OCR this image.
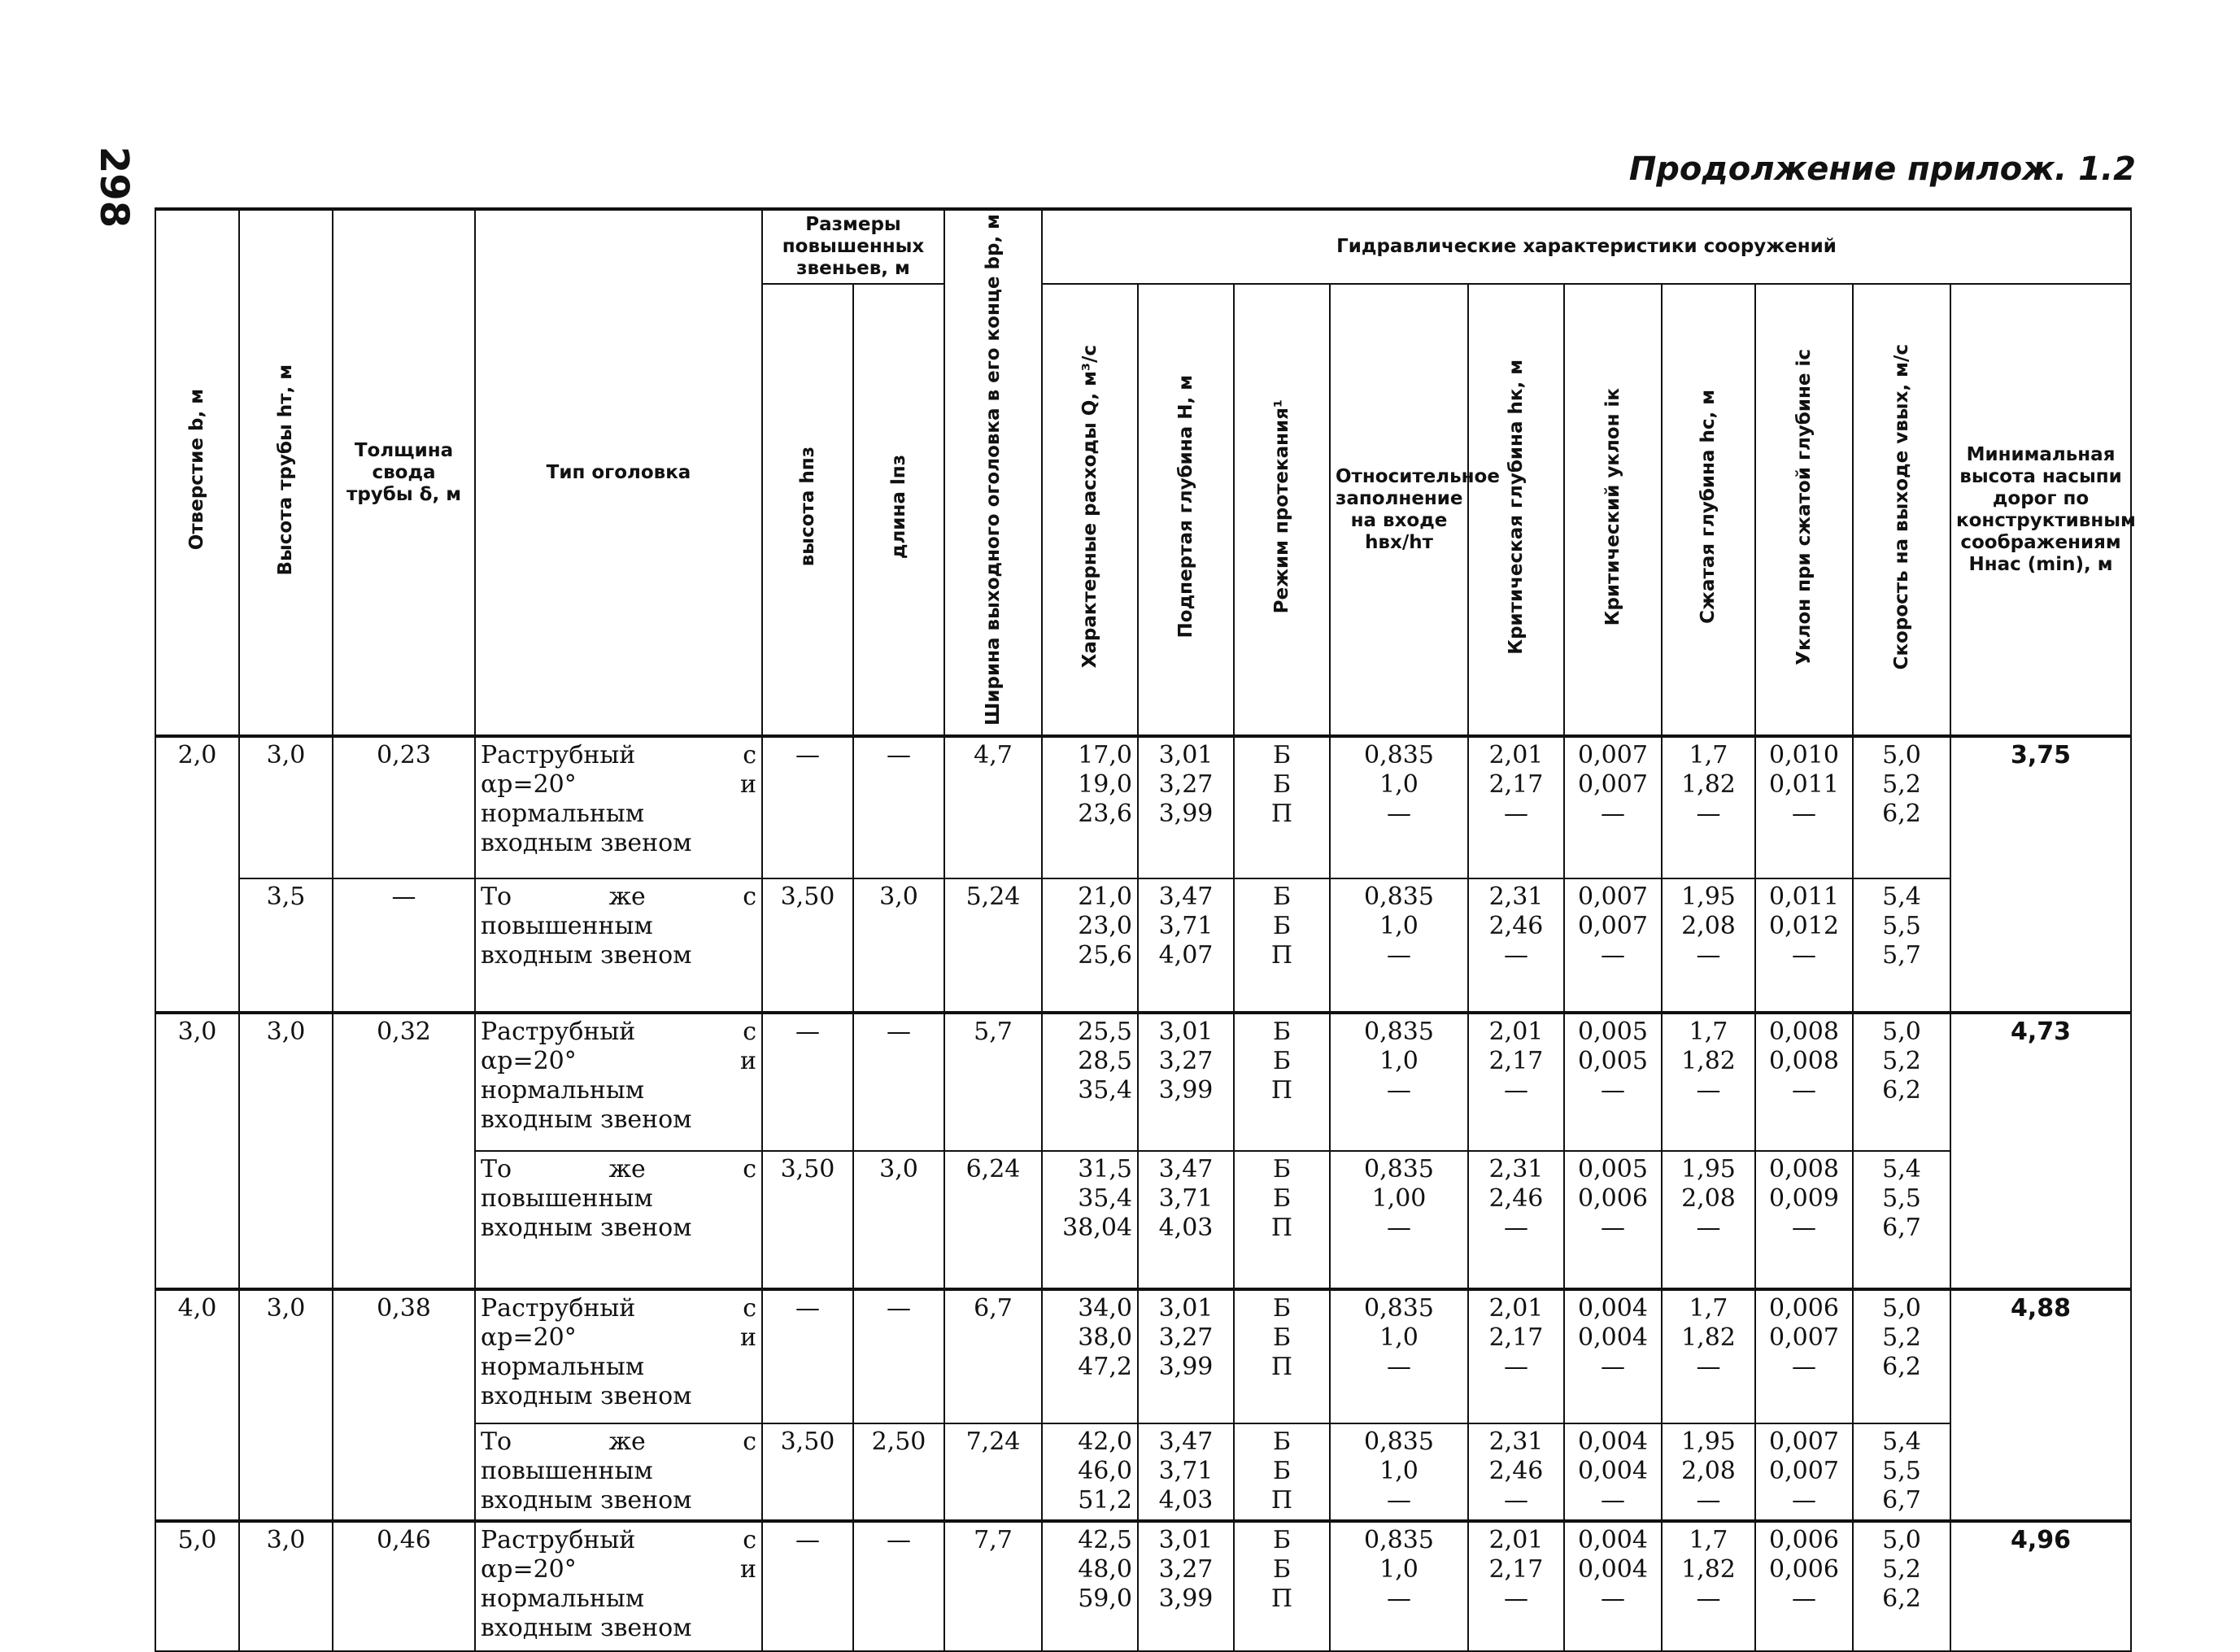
298	Продолжение прилож. 1.2
Отверстие b, м	Высота трубы hт, м	Толщина свода трубы δ, м	Тип оголовка	Размеры повышенных звеньев, м		Ширина выходного оголовка в его конце bр, м	Гидравлические характеристики сооружений									
				высота hпз	длина lпз		Характерные расходы Q, м³/с	Подпертая глубина H, м	Режим протекания¹	Относительное заполнение на входе hвх/hт	Критическая глубина hк, м	Критический уклон iк	Сжатая глубина hс, м	Уклон при сжатой глубине iс	Скорость на выходе vвых, м/с	Минимальная высота насыпи дорог по конструктивным соображениям Hнас (min), м

2,0	3,0	0,23	Раструбный с αр=20° и нормальным входным звеном	—	—	4,7	17,0
19,0
23,6	3,01
3,27
3,99	Б
Б
П	0,835
1,0
—	2,01
2,17
—	0,007
0,007
—	1,7
1,82
—	0,010
0,011
—	5,0
5,2
6,2	3,75
	3,5	—	То же с повышенным входным звеном	3,50	3,0	5,24	21,0
23,0
25,6	3,47
3,71
4,07	Б
Б
П	0,835
1,0
—	2,31
2,46
—	0,007
0,007
—	1,95
2,08
—	0,011
0,012
—	5,4
5,5
5,7	
3,0	3,0	0,32	Раструбный с αр=20° и нормальным входным звеном	—	—	5,7	25,5
28,5
35,4	3,01
3,27
3,99	Б
Б
П	0,835
1,0
—	2,01
2,17
—	0,005
0,005
—	1,7
1,82
—	0,008
0,008
—	5,0
5,2
6,2	4,73
			То же с повышенным входным звеном	3,50	3,0	6,24	31,5
35,4
38,04	3,47
3,71
4,03	Б
Б
П	0,835
1,00
—	2,31
2,46
—	0,005
0,006
—	1,95
2,08
—	0,008
0,009
—	5,4
5,5
6,7	
4,0	3,0	0,38	Раструбный с αр=20° и нормальным входным звеном	—	—	6,7	34,0
38,0
47,2	3,01
3,27
3,99	Б
Б
П	0,835
1,0
—	2,01
2,17
—	0,004
0,004
—	1,7
1,82
—	0,006
0,007
—	5,0
5,2
6,2	4,88
			То же с повышенным входным звеном	3,50	2,50	7,24	42,0
46,0
51,2	3,47
3,71
4,03	Б
Б
П	0,835
1,0
—	2,31
2,46
—	0,004
0,004
—	1,95
2,08
—	0,007
0,007
—	5,4
5,5
6,7	
5,0	3,0	0,46	Раструбный с αр=20° и нормальным входным звеном	—	—	7,7	42,5
48,0
59,0	3,01
3,27
3,99	Б
Б
П	0,835
1,0
—	2,01
2,17
—	0,004
0,004
—	1,7
1,82
—	0,006
0,006
—	5,0
5,2
6,2	4,96
